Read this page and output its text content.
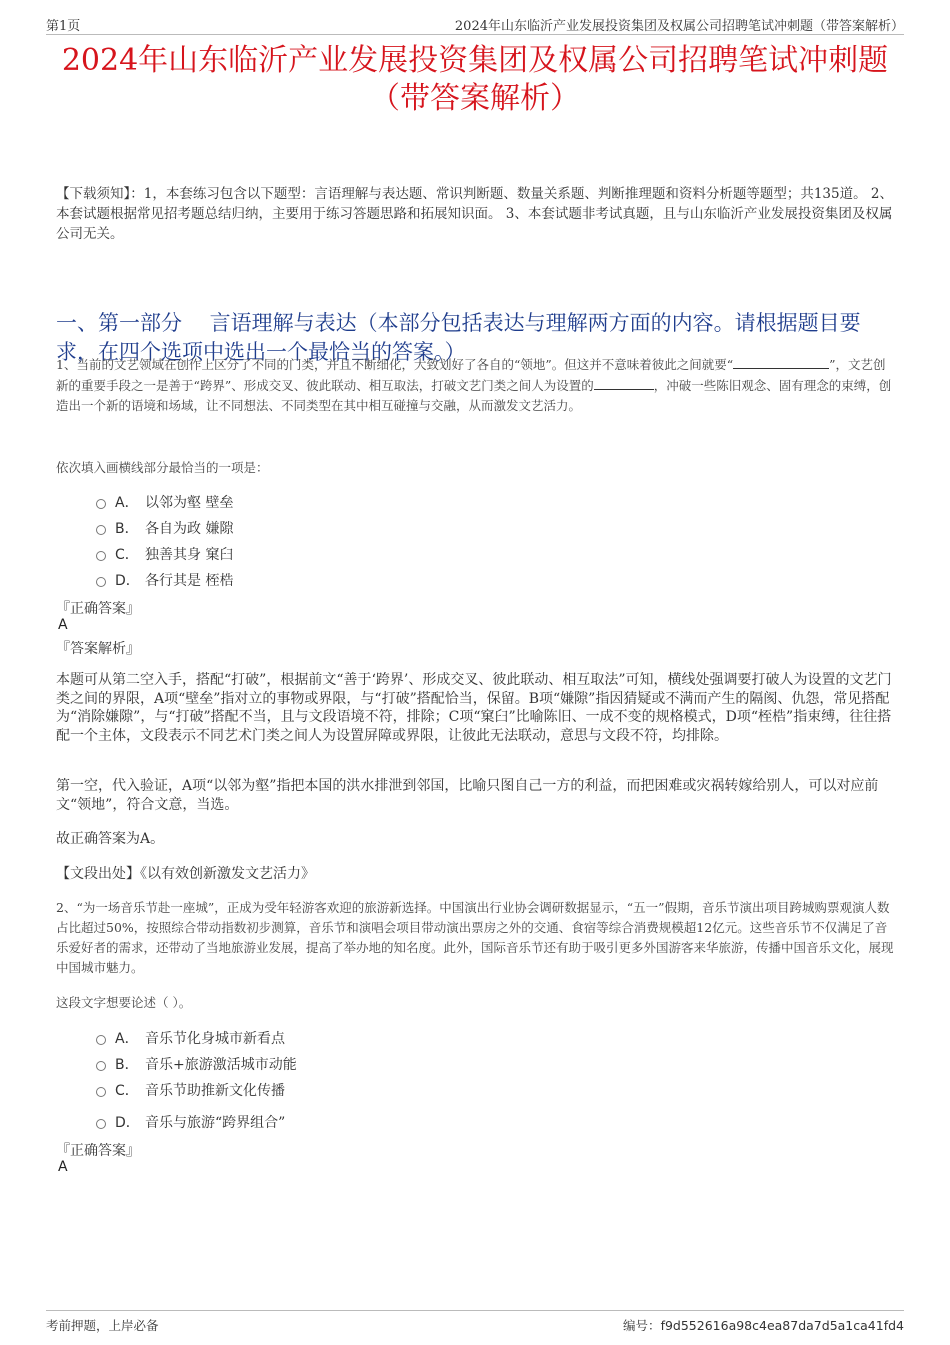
第1页	2024年山东临沂产业发展投资集团及权属公司招聘笔试冲刺题（带答案解析）
2024年山东临沂产业发展投资集团及权属公司招聘笔试冲刺题
（带答案解析）
【下载须知】：1，本套练习包含以下题型：言语理解与表达题、常识判断题、数量关系题、判断推理题和资料分析题等题型；共135道。 2、本套试题根据常见招考题总结归纳，主要用于练习答题思路和拓展知识面。 3、本套试题非考试真题，且与山东临沂产业发展投资集团及权属公司无关。
一、第一部分　 言语理解与表达（本部分包括表达与理解两方面的内容。请根据题目要求，在四个选项中选出一个最恰当的答案。）
1、当前的文艺领域在创作上区分了不同的门类，并且不断细化，大致划好了各自的“领地”。但这并不意味着彼此之间就要“	”，文艺创新的重要手段之一是善于“跨界”、形成交叉、彼此联动、相互取法，打破文艺门类之间人为设置的	，冲破一些陈旧观念、固有理念的束缚，创造出一个新的语境和场域，让不同想法、不同类型在其中相互碰撞与交融，从而激发文艺活力。
依次填入画横线部分最恰当的一项是：
A． 以邻为壑 壁垒
B． 各自为政 嫌隙
C． 独善其身 窠臼
D． 各行其是 桎梏
『正确答案』
A
『答案解析』
本题可从第二空入手，搭配“打破”，根据前文“善于‘跨界’、形成交叉、彼此联动、相互取法”可知，横线处强调要打破人为设置的文艺门类之间的界限，A项“壁垒”指对立的事物或界限，与“打破”搭配恰当，保留。B项“嫌隙”指因猜疑或不满而产生的隔阂、仇怨，常见搭配为“消除嫌隙”，与“打破”搭配不当，且与文段语境不符，排除；C项“窠臼”比喻陈旧、一成不变的规格模式，D项“桎梏”指束缚，往往搭配一个主体，文段表示不同艺术门类之间人为设置屏障或界限，让彼此无法联动，意思与文段不符，均排除。
第一空，代入验证，A项“以邻为壑”指把本国的洪水排泄到邻国，比喻只图自己一方的利益，而把困难或灾祸转嫁给别人，可以对应前文“领地”，符合文意，当选。
故正确答案为A。
【文段出处】《以有效创新激发文艺活力》
2、“为一场音乐节赴一座城”，正成为受年轻游客欢迎的旅游新选择。中国演出行业协会调研数据显示，“五一”假期，音乐节演出项目跨城购票观演人数占比超过50%，按照综合带动指数初步测算，音乐节和演唱会项目带动演出票房之外的交通、食宿等综合消费规模超12亿元。这些音乐节不仅满足了音乐爱好者的需求，还带动了当地旅游业发展，提高了举办地的知名度。此外，国际音乐节还有助于吸引更多外国游客来华旅游，传播中国音乐文化，展现中国城市魅力。
这段文字想要论述（ ）。
A． 音乐节化身城市新看点
B． 音乐+旅游激活城市动能
C． 音乐节助推新文化传播
D． 音乐与旅游“跨界组合”
『正确答案』
A
考前押题，上岸必备	编号：f9d552616a98c4ea87da7d5a1ca41fd4
